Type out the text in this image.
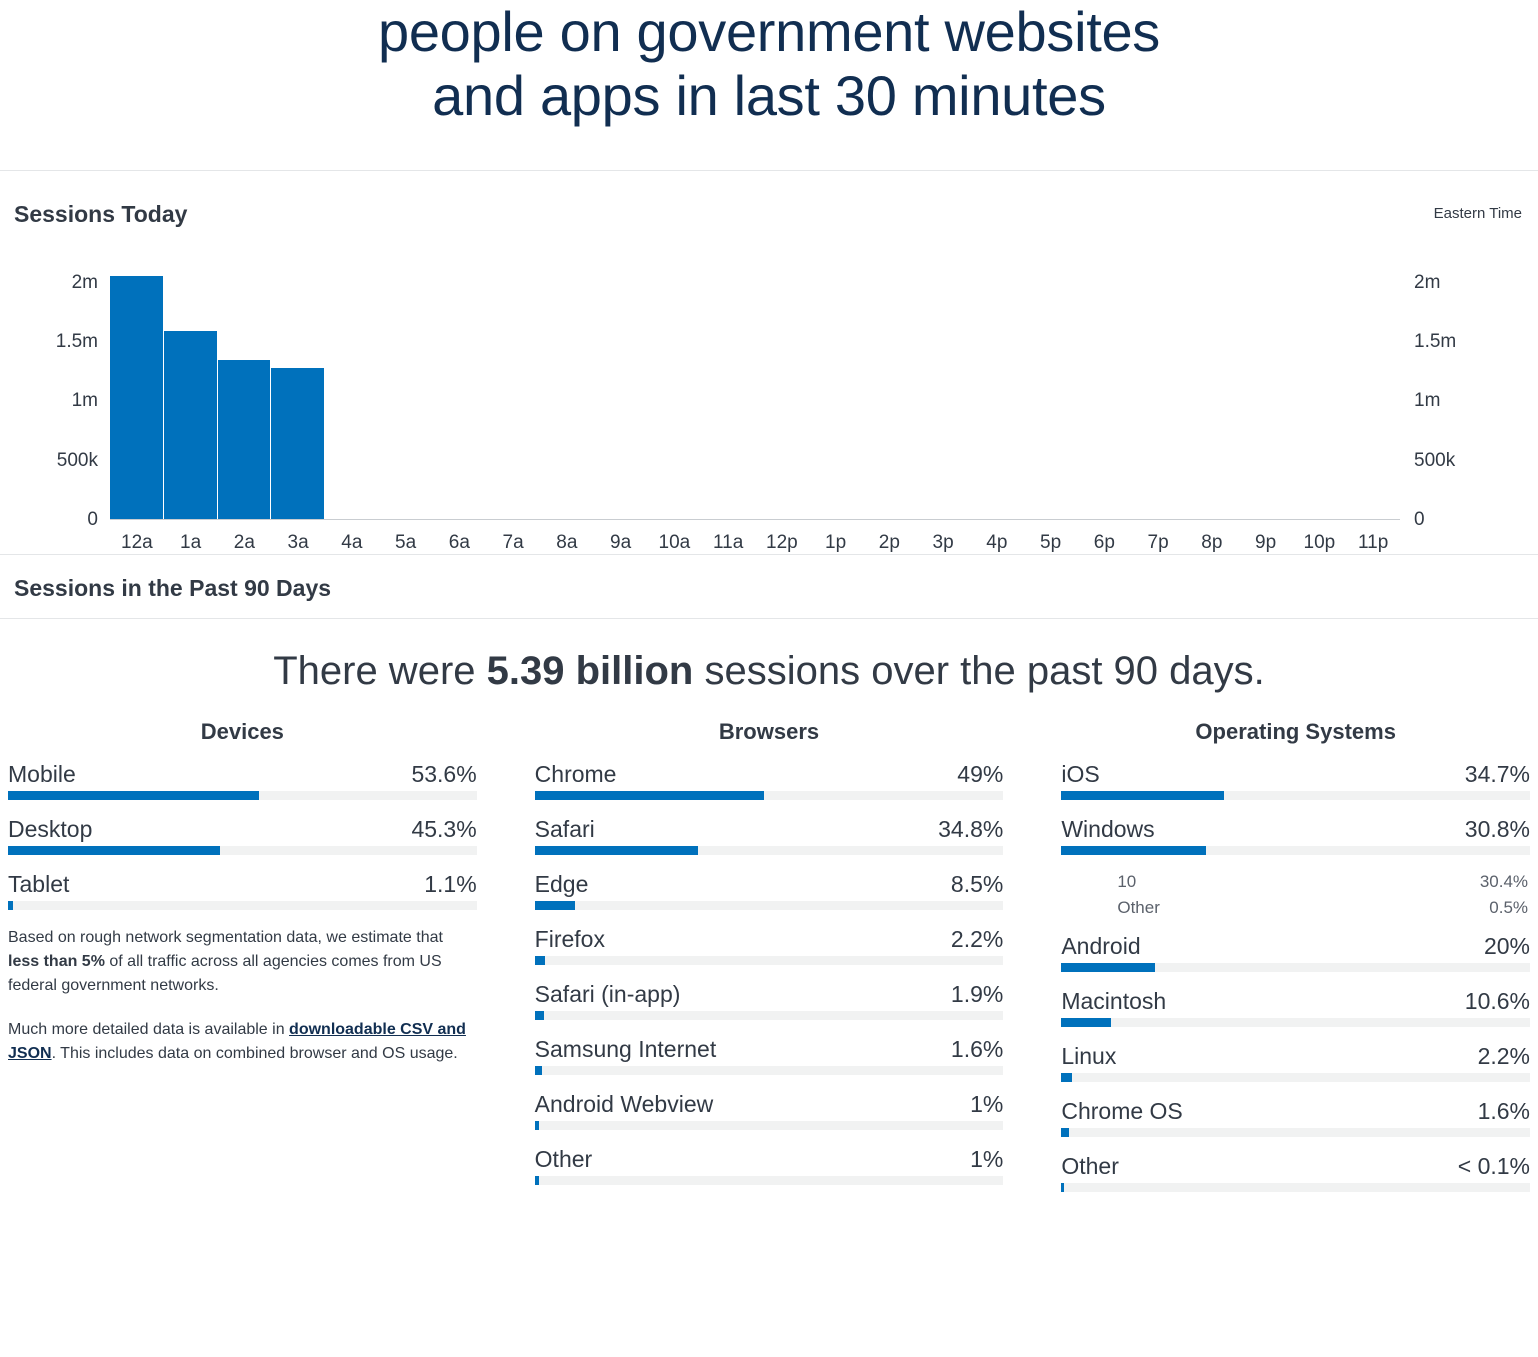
people on government websites
and apps in last 30 minutes
Sessions Today	Eastern Time
0
500k
1m
1.5m
2m
0
500k
1m
1.5m
2m
12a	1a	2a	3a	4a	5a	6a	7a	8a	9a	10a	11a	12p	1p	2p	3p	4p	5p	6p	7p	8p	9p	10p	11p
Sessions in the Past 90 Days
There were 5.39 billion sessions over the past 90 days.
Devices
Mobile	53.6%
Desktop	45.3%
Tablet	1.1%
Based on rough network segmentation data, we estimate that less than 5% of all traffic across all agencies comes from US federal government networks.
Much more detailed data is available in downloadable CSV and JSON. This includes data on combined browser and OS usage.
Browsers
Chrome	49%
Safari	34.8%
Edge	8.5%
Firefox	2.2%
Safari (in-app)	1.9%
Samsung Internet	1.6%
Android Webview	1%
Other	1%
Operating Systems
iOS	34.7%
Windows	30.8%
10	30.4%
Other	0.5%
Android	20%
Macintosh	10.6%
Linux	2.2%
Chrome OS	1.6%
Other	< 0.1%
